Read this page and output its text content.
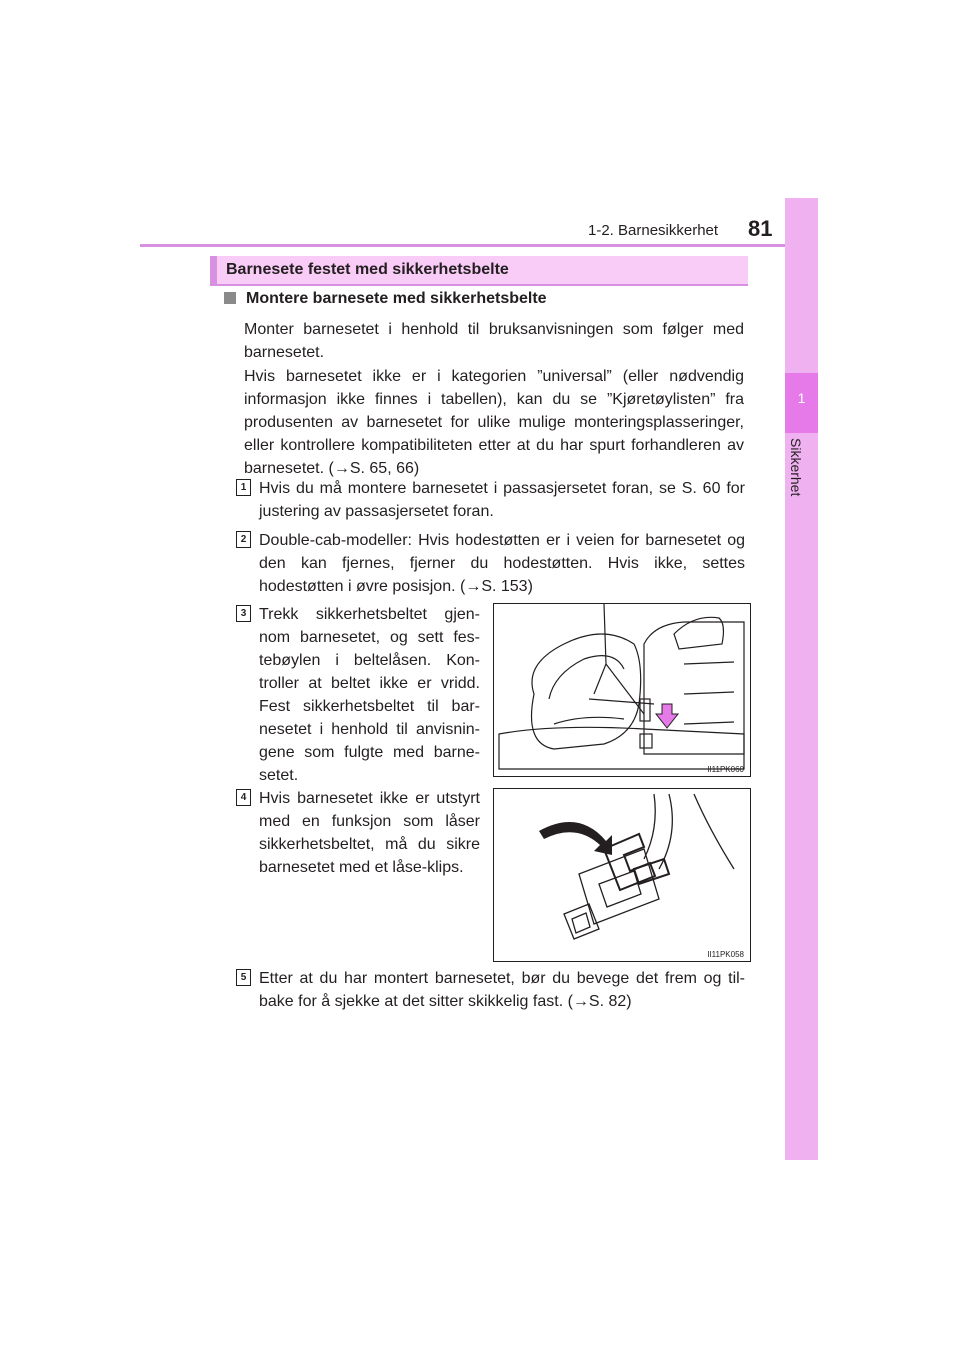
1-2. Barnesikkerhet 81
1
Sikkerhet
Barnesete festet med sikkerhetsbelte
Montere barnesete med sikkerhetsbelte
Monter barnesetet i henhold til bruksanvisningen som følger med barnesetet.
Hvis barnesetet ikke er i kategorien ”universal” (eller nødvendig informasjon ikke finnes i tabellen), kan du se ”Kjøretøylisten” fra produsenten av barnesetet for ulike mulige monteringsplasseringer, eller kontrollere kompatibiliteten etter at du har spurt forhandleren av barnesetet. (→S. 65, 66)
1 Hvis du må montere barnesetet i passasjersetet foran, se S. 60 for justering av passasjersetet foran.
2 Double-cab-modeller: Hvis hodestøtten er i veien for barnesetet og den kan fjernes, fjerner du hodestøtten. Hvis ikke, settes hodestøtten i øvre posisjon. (→S. 153)
3 Trekk sikkerhetsbeltet gjen-nom barnesetet, og sett fes-tebøylen i beltelåsen. Kon-troller at beltet ikke er vridd. Fest sikkerhetsbeltet til bar-nesetet i henhold til anvisnin-gene som fulgte med barne-setet.	II11PK060
4 Hvis barnesetet ikke er utstyrt med en funksjon som låser sikkerhetsbeltet, må du sikre barnesetet med et låse-klips.
II11PK058
5 Etter at du har montert barnesetet, bør du bevege det frem og til-bake for å sjekke at det sitter skikkelig fast. (→S. 82)
